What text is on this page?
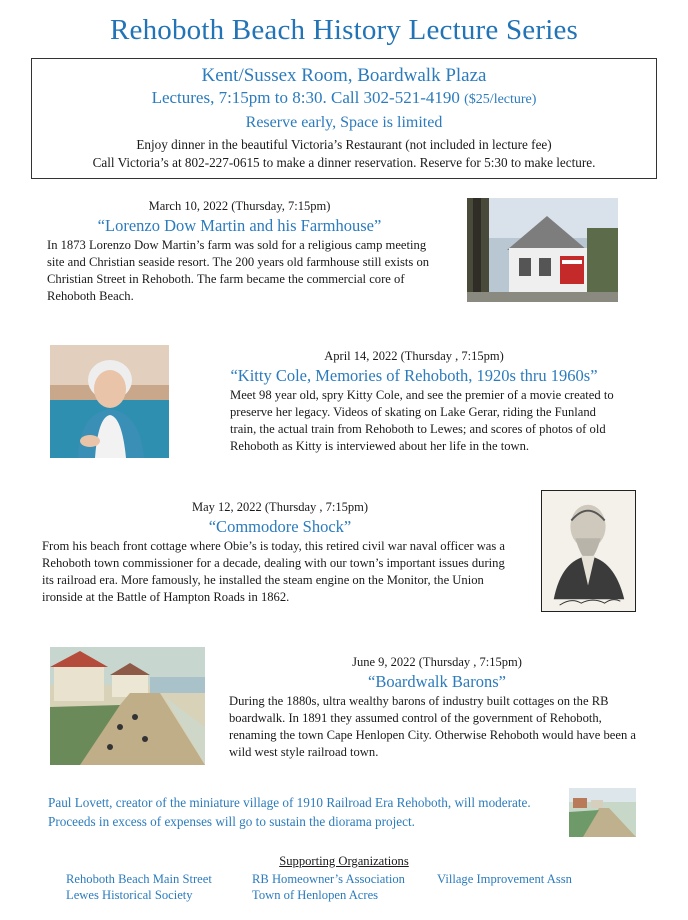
Rehoboth Beach History Lecture Series
Kent/Sussex Room, Boardwalk Plaza
Lectures, 7:15pm to 8:30. Call 302-521-4190 ($25/lecture)
Reserve early, Space is limited
Enjoy dinner in the beautiful Victoria’s Restaurant (not included in lecture fee)
Call Victoria’s at 802-227-0615 to make a dinner reservation. Reserve for 5:30 to make lecture.
March 10, 2022 (Thursday, 7:15pm)
“Lorenzo Dow Martin and his Farmhouse”
In 1873 Lorenzo Dow Martin’s farm was sold for a religious camp meeting site and Christian seaside resort. The 200 years old farmhouse still exists on Christian Street in Rehoboth. The farm became the commercial core of Rehoboth Beach.
April 14, 2022 (Thursday , 7:15pm)
“Kitty Cole, Memories of Rehoboth, 1920s thru 1960s”
Meet 98 year old, spry Kitty Cole, and see the premier of a movie created to preserve her legacy. Videos of skating on Lake Gerar, riding the Funland train, the actual train from Rehoboth to Lewes; and scores of photos of old Rehoboth as Kitty is interviewed about her life in the town.
May 12, 2022 (Thursday , 7:15pm)
“Commodore Shock”
From his beach front cottage where Obie’s is today, this retired civil war naval officer was a Rehoboth town commissioner for a decade, dealing with our town’s important issues during its railroad era. More famously, he installed the steam engine on the Monitor, the Union ironside at the Battle of Hampton Roads in 1862.
June 9, 2022 (Thursday , 7:15pm)
“Boardwalk Barons”
During the 1880s, ultra wealthy barons of industry built cottages on the RB boardwalk. In 1891 they assumed control of the government of Rehoboth, renaming the town Cape Henlopen City. Otherwise Rehoboth would have been a wild west style railroad town.
Paul Lovett, creator of the miniature village of 1910 Railroad Era Rehoboth, will moderate. Proceeds in excess of expenses will go to sustain the diorama project.
Supporting Organizations
Rehoboth Beach Main Street	RB Homeowner’s Association	Village Improvement Assn
Lewes Historical Society	Town of Henlopen Acres
